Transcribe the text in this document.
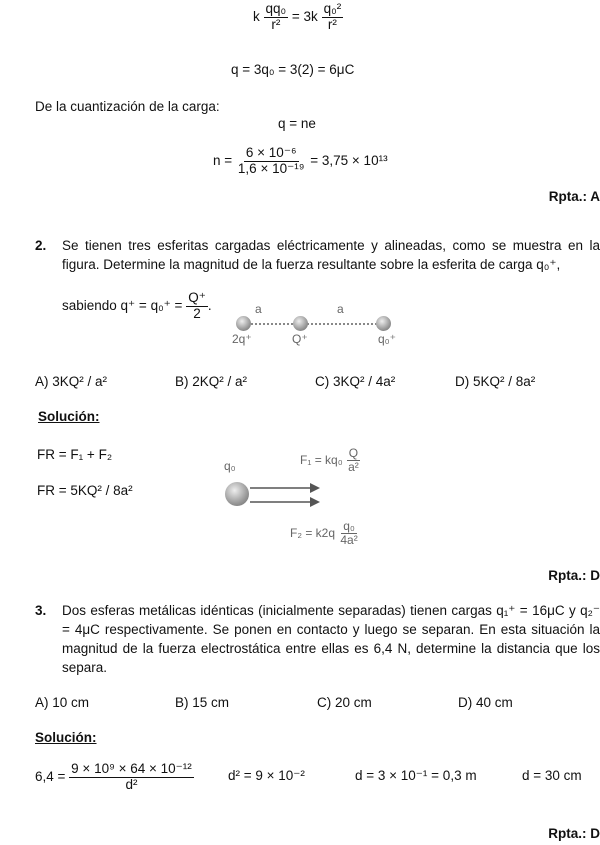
k $\frac{\text{qq₀}}{\text{r²}} = 3k \frac{\text{q₀²}}{\text{r²}}$
q = 3q₀ = 3(2) = 6μC
De la cuantización de la carga:
q = ne
$n = \frac{\text{6 × 10⁻⁶}}{\text{1,6 × 10⁻¹⁹}} = 3,75 \times 10^{13}$
Rpta.: A
2. Se tienen tres esferitas cargadas eléctricamente y alineadas, como se muestra en la figura. Determine la magnitud de la fuerza resultante sobre la esferita de carga q₀⁺,
sabiendo $q^+ = q_0^+ = \frac{Q^+}{2}$ .	a	a
2q⁺	Q⁺	q₀⁺
A) 3KQ² / a²	B) 2KQ² / a²	C) 3KQ² / 4a²	D) 5KQ² / 8a²
Solución:
FR = F₁ + F₂
FR = 5KQ² / 8a²
q₀	$F_1 = kq_0 \frac{Q}{\text{a²}}$
$F_2 = k2q \frac{\text{q₀}}{\text{4a²}}$
Rpta.: D
3. Dos esferas metálicas idénticas (inicialmente separadas) tienen cargas q₁⁺ = 16μC y q₂⁻ = 4μC respectivamente. Se ponen en contacto y luego se separan. En esta situación la magnitud de la fuerza electrostática entre ellas es 6,4 N, determine la distancia que los separa.
A) 10 cm	B) 15 cm	C) 20 cm	D) 40 cm
Solución:
$6,4 = \frac{\text{9 × 10⁹ × 64 × 10⁻¹²}}{\text{d²}}$	d² = 9 × 10⁻²	d = 3 × 10⁻¹ = 0,3 m	d = 30 cm
Rpta.: D
